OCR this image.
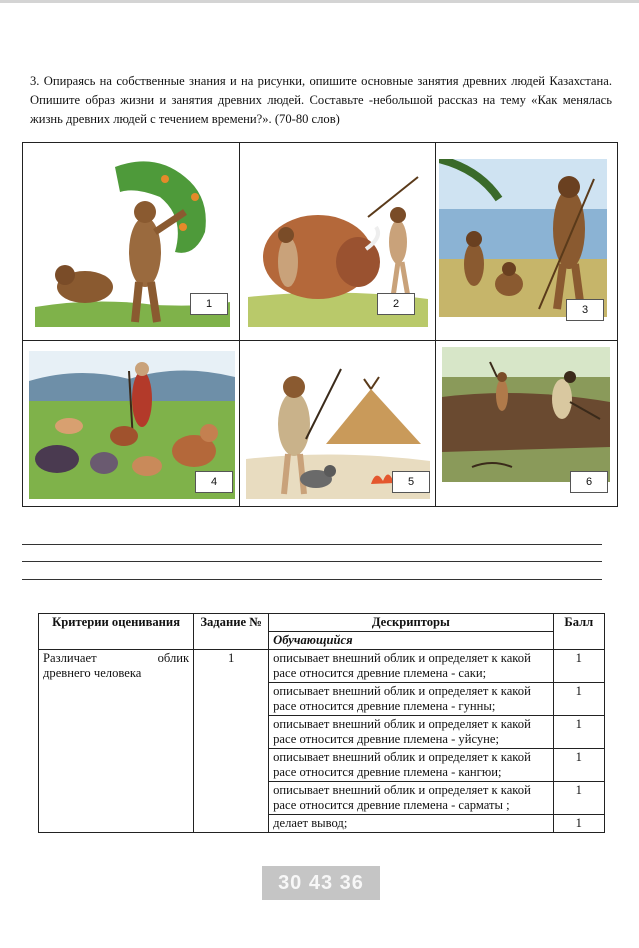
3. Опираясь на собственные знания и на рисунки, опишите основные занятия древних людей Казахстана. Опишите образ жизни и занятия древних людей. Составьте -небольшой рассказ на тему «Как менялась жизнь древних людей с течением времени?». (70-80 слов)
1	2	3
4	5	6
Критерии оценивания	Задание №	Дескрипторы	Балл
		Обучающийся	

Различает облик
древнего человека	1	описывает внешний облик и определяет к какой расе относится древние племена - саки;	1
		описывает внешний облик и определяет к какой расе относится древние племена - гунны;	1
		описывает внешний облик и определяет к какой расе относится древние племена - уйсуне;	1
		описывает внешний облик и определяет к какой расе относится древние племена - кангюи;	1
		описывает внешний облик и определяет к какой расе относится древние племена - сарматы ;	1
		делает вывод;	1
30 43 36
